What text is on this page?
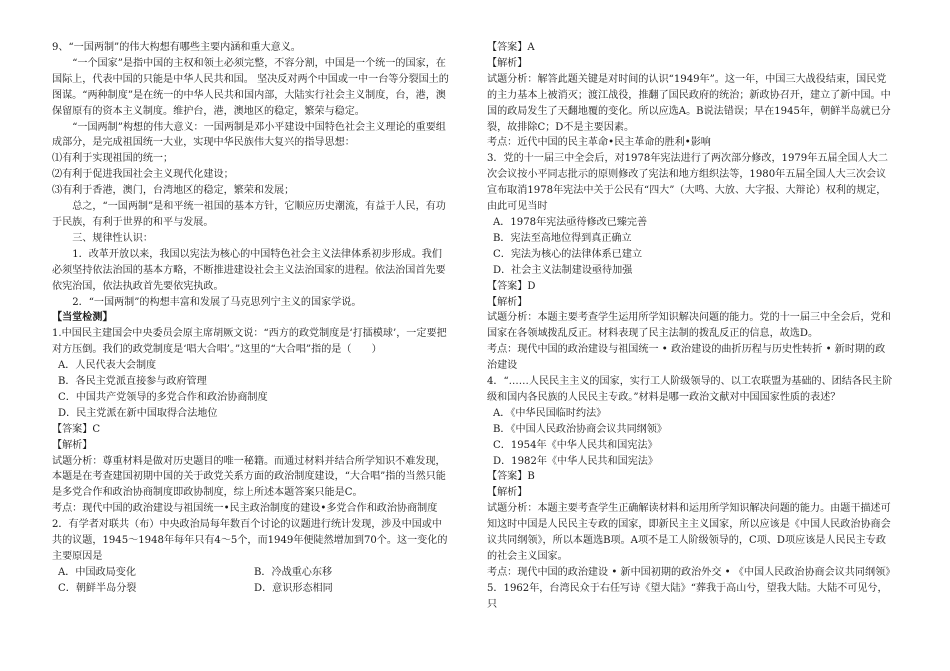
9、“一国两制”的伟大构想有哪些主要内涵和重大意义。

“一个国家”是指中国的主权和领土必须完整，不容分割，中国是一个统一的国家，在国际上，代表中国的只能是中华人民共和国。 坚决反对两个中国或一中一台等分裂国土的图谋。“两种制度”是在统一的中华人民共和国内部，大陆实行社会主义制度，台，港，澳保留原有的资本主义制度。维护台，港，澳地区的稳定，繁荣与稳定。

“一国两制”构想的伟大意义：一国两制是邓小平建设中国特色社会主义理论的重要组成部分，是完成祖国统一大业，实现中华民族伟大复兴的指导思想：

⑴有利于实现祖国的统一；

⑵有利于促进我国社会主义现代化建设；

⑶有利于香港，澳门，台湾地区的稳定，繁荣和发展；

总之，“一国两制”是和平统一祖国的基本方针，它顺应历史潮流，有益于人民，有功于民族，有利于世界的和平与发展。

三、规律性认识：

1．改革开放以来，我国以宪法为核心的中国特色社会主义法律体系初步形成。我们必须坚持依法治国的基本方略，不断推进建设社会主义法治国家的进程。依法治国首先要依宪治国，依法执政首先要依宪执政。

2．“一国两制”的构想丰富和发展了马克思列宁主义的国家学说。

【当堂检测】

1.中国民主建国会中央委员会原主席胡厥文说：“西方的政党制度是‘打擂模球’，一定要把对方压倒。我们的政党制度是‘唱大合唱’。”这里的“大合唱”指的是（　　）

A．人民代表大会制度

B．各民主党派直接参与政府管理

C．中国共产党领导的多党合作和政治协商制度

D．民主党派在新中国取得合法地位

【答案】C

【解析】

试题分析：尊重材料是做对历史题目的唯一秘籍。而通过材料并结合所学知识不难发现，本题是在考查建国初期中国的关于政党关系方面的政治制度建设，“大合唱”指的当然只能是多党合作和政治协商制度即政协制度，综上所述本题答案只能是C。

考点：现代中国的政治建设与祖国统一•民主政治制度的建设•多党合作和政治协商制度

2．有学者对联共（布）中央政治局每年数百个讨论的议题进行统计发现，涉及中国或中共的议题，1945～1948年每年只有4～5个，而1949年便陡然增加到70个。这一变化的主要原因是

A．中国政局变化	B．冷战重心东移
C．朝鲜半岛分裂	D．意识形态相同

【答案】A

【解析】

试题分析：解答此题关键是对时间的认识“1949年”。这一年，中国三大战役结束，国民党的主力基本上被消灭；渡江战役，推翻了国民政府的统治；新政协召开，建立了新中国。中国的政局发生了天翻地覆的变化。所以应选A。B说法错误；早在1945年，朝鲜半岛就已分裂，故排除C；D不是主要因素。

考点：近代中国的民主革命•民主革命的胜利•影响

3．党的十一届三中全会后，对1978年宪法进行了两次部分修改，1979年五届全国人大二次会议按小平同志批示的原则修改了宪法和地方组织法等，1980年五届全国人大三次会议宣布取消1978年宪法中关于公民有“四大”（大鸣、大放、大字报、大辩论）权利的规定，由此可见当时

A．1978年宪法亟待修改已臻完善

B．宪法至高地位得到真正确立

C．宪法为核心的法律体系已建立

D．社会主义法制建设亟待加强

【答案】D

【解析】

试题分析：本题主要考查学生运用所学知识解决问题的能力。党的十一届三中全会后，党和国家在各领域拨乱反正。材料表现了民主法制的拨乱反正的信息，故选D。

考点：现代中国的政治建设与祖国统一 • 政治建设的曲折历程与历史性转折 • 新时期的政治建设

4．“……人民民主主义的国家，实行工人阶级领导的、以工农联盟为基础的、团结各民主阶级和国内各民族的人民民主专政。”材料是哪一政治文献对中国国家性质的表述？

A．《中华民国临时约法》

B．《中国人民政治协商会议共同纲领》

C．1954年《中华人民共和国宪法》

D．1982年《中华人民共和国宪法》

【答案】B

【解析】

试题分析：本题主要考查学生正确解读材料和运用所学知识解决问题的能力。由题干描述可知这时中国是人民民主专政的国家，即新民主主义国家，所以应该是《中国人民政治协商会议共同纲领》，所以本题选B项。A项不是工人阶级领导的，C项、D项应该是人民民主专政的社会主义国家。

考点：现代中国的政治建设 • 新中国初期的政治外交 • 《中国人民政治协商会议共同纲领》

5．1962年，台湾民众于右任写诗《望大陆》“葬我于高山兮，望我大陆。大陆不可见兮，只
